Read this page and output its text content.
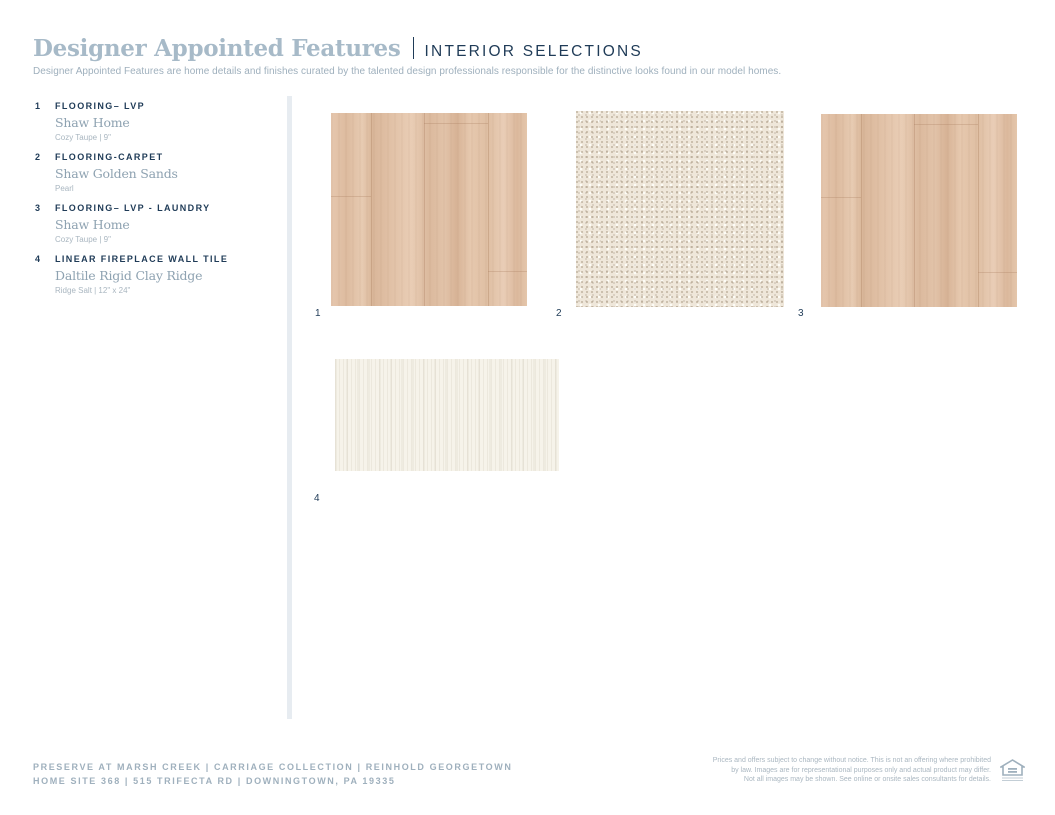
Designer Appointed Features INTERIOR SELECTIONS
Designer Appointed Features are home details and finishes curated by the talented design professionals responsible for the distinctive looks found in our model homes.
1 FLOORING– LVP
Shaw Home
Cozy Taupe | 9"
2 FLOORING-CARPET
Shaw Golden Sands
Pearl
3 FLOORING– LVP - LAUNDRY
Shaw Home
Cozy Taupe | 9"
4 LINEAR FIREPLACE WALL TILE
Daltile Rigid Clay Ridge
Ridge Salt | 12" x 24"
1	2	3
4
PRESERVE AT MARSH CREEK | CARRIAGE COLLECTION | REINHOLD GEORGETOWN
HOME SITE 368 | 515 TRIFECTA RD | DOWNINGTOWN, PA 19335
Prices and offers subject to change without notice. This is not an offering where prohibited
by law. Images are for representational purposes only and actual product may differ.
Not all images may be shown. See online or onsite sales consultants for details.
